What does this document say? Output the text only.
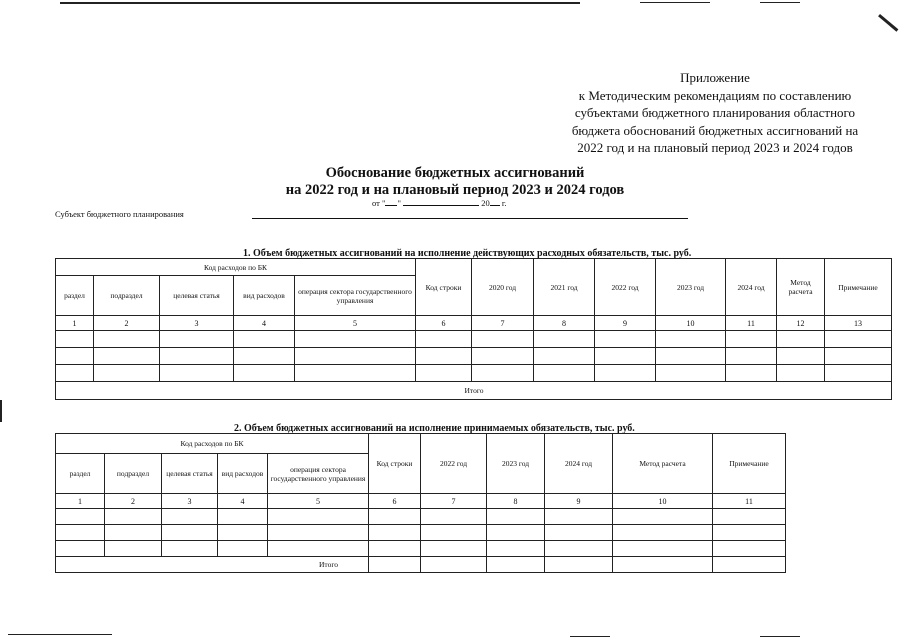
Приложение
к Методическим рекомендациям по составлению
субъектами бюджетного планирования областного
бюджета обоснований бюджетных ассигнований на
2022 год и на плановый период 2023 и 2024 годов
Обоснование бюджетных ассигнований
на 2022 год и на плановый период 2023 и 2024 годов
от " "	20 г.
Субъект бюджетного планирования
1. Объем бюджетных ассигнований на исполнение действующих расходных обязательств, тыс. руб.
Код расходов по БК					Код строки	2020 год	2021 год	2022 год	2023 год	2024 год	Метод расчета	Примечание
раздел	подраздел	целевая статья	вид расходов	операция сектора государственного управления								
1	2	3	4	5	6	7	8	9	10	11	12	13

Итого												
2. Объем бюджетных ассигнований на исполнение принимаемых обязательств, тыс. руб.
Код расходов по БК					Код строки	2022 год	2023 год	2024 год	Метод расчета	Примечание
раздел	подраздел	целевая статья	вид расходов	операция сектора государственного управления						
1	2	3	4	5	6	7	8	9	10	11

Итого										
